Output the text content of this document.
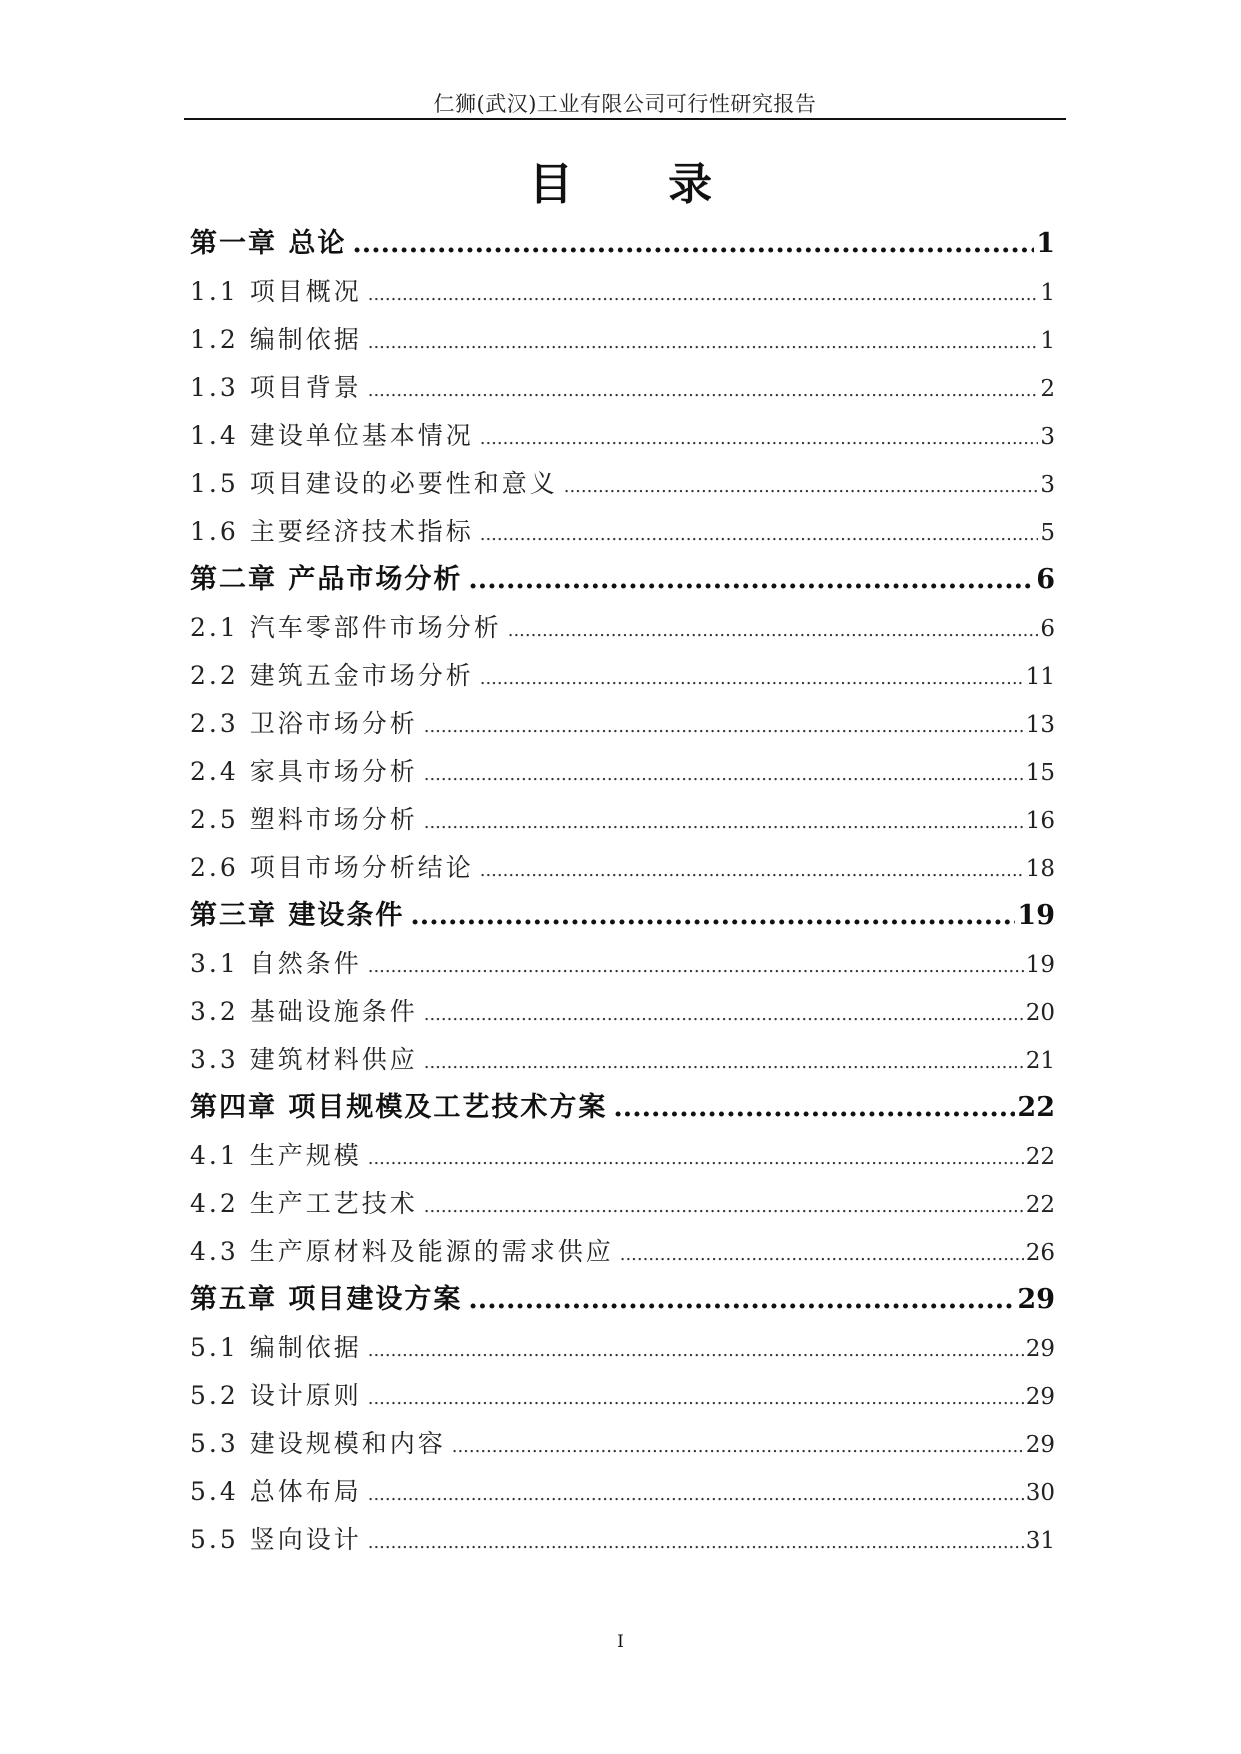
仁狮(武汉)工业有限公司可行性研究报告
目 录
第一章 总论 .....	1
1.1 项目概况 .....	1
1.2 编制依据 .....	1
1.3 项目背景 .....	2
1.4 建设单位基本情况 .....	3
1.5 项目建设的必要性和意义 .....	3
1.6 主要经济技术指标 .....	5
第二章 产品市场分析 .....	6
2.1 汽车零部件市场分析 .....	6
2.2 建筑五金市场分析 .....	11
2.3 卫浴市场分析 .....	13
2.4 家具市场分析 .....	15
2.5 塑料市场分析 .....	16
2.6 项目市场分析结论 .....	18
第三章 建设条件 .....	19
3.1 自然条件 .....	19
3.2 基础设施条件 .....	20
3.3 建筑材料供应 .....	21
第四章 项目规模及工艺技术方案 .....	22
4.1 生产规模 .....	22
4.2 生产工艺技术 .....	22
4.3 生产原材料及能源的需求供应 .....	26
第五章 项目建设方案 .....	29
5.1 编制依据 .....	29
5.2 设计原则 .....	29
5.3 建设规模和内容 .....	29
5.4 总体布局 .....	30
5.5 竖向设计 .....	31
I
